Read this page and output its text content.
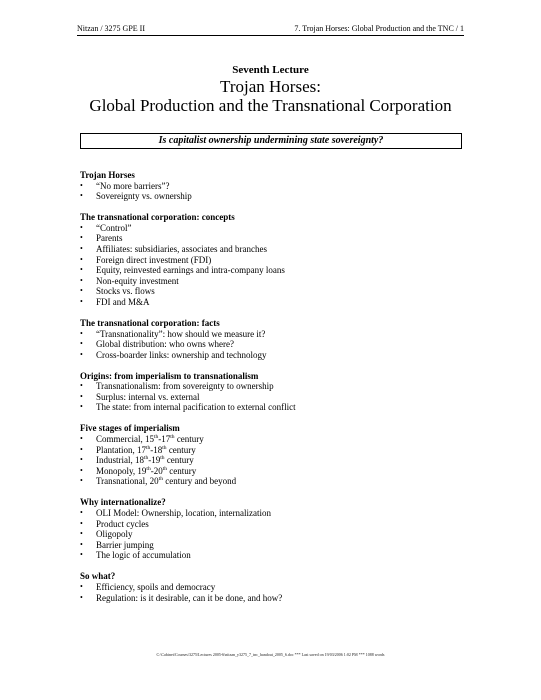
Nitzan / 3275 GPE II	7. Trojan Horses: Global Production and the TNC / 1
Seventh Lecture
Trojan Horses:
Global Production and the Transnational Corporation
Is capitalist ownership undermining state sovereignty?
Trojan Horses
• “No more barriers”?
• Sovereignty vs. ownership
The transnational corporation: concepts
• “Control”
• Parents
• Affiliates: subsidiaries, associates and branches
• Foreign direct investment (FDI)
• Equity, reinvested earnings and intra-company loans
• Non-equity investment
• Stocks vs. flows
• FDI and M&A
The transnational corporation: facts
• “Transnationality”: how should we measure it?
• Global distribution: who owns where?
• Cross-boarder links: ownership and technology
Origins: from imperialism to transnationalism
• Transnationalism: from sovereignty to ownership
• Surplus: internal vs. external
• The state: from internal pacification to external conflict
Five stages of imperialism
• Commercial, 15th-17th century
• Plantation, 17th-18th century
• Industrial, 18th-19th century
• Monopoly, 19th-20th century
• Transnational, 20th century and beyond
Why internationalize?
• OLI Model: Ownership, location, internalization
• Product cycles
• Oligopoly
• Barrier jumping
• The logic of accumulation
So what?
• Efficiency, spoils and democracy
• Regulation: is it desirable, can it be done, and how?
C:\Cabinet\Courses\3275\Lectures 2005-6\nitzan_y3275_7_tnc_handout_2005_6.doc *** Last saved on 19/03/2006 1:02 PM *** 1088 words
